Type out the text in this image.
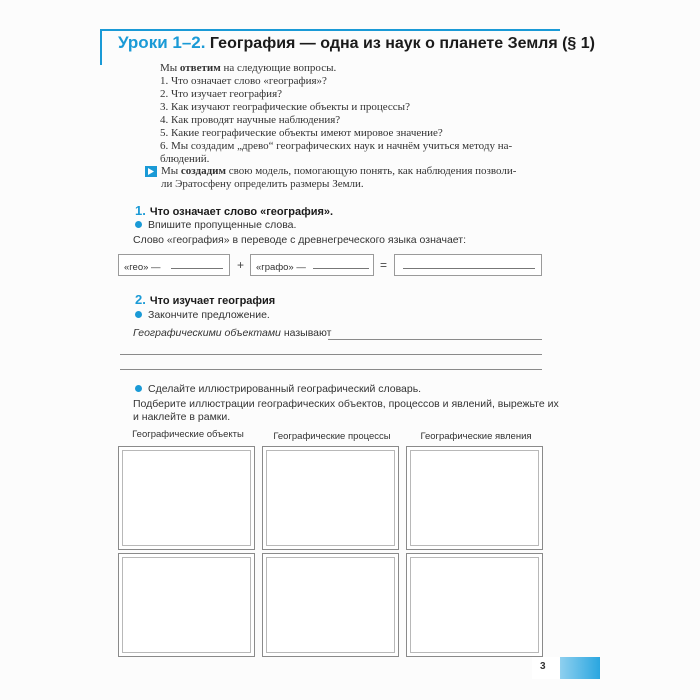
Уроки 1–2. География — одна из наук о планете Земля (§ 1)

Мы ответим на следующие вопросы.

1. Что означает слово «география»?

2. Что изучает география?

3. Как изучают географические объекты и процессы?

4. Как проводят научные наблюдения?

5. Какие географические объекты имеют мировое значение?

6. Мы создадим „древо“ географических наук и начнём учиться методу на-

блюдений.

Мы создадим свою модель, помогающую понять, как наблюдения позволи-
ли Эратосфену определить размеры Земли.
1. Что означает слово «география».
Впишите пропущенные слова.
Слово «география» в переводе с древнегреческого языка означает:
«гео» —	+ «графо» —	=
2. Что изучает география
Закончите предложение.
Географическими объектами называют
Сделайте иллюстрированный географический словарь.
Подберите иллюстрации географических объектов, процессов и явлений, вырежьте их
и наклейте в рамки.
Географические объекты	Географические процессы	Географические явления
3
